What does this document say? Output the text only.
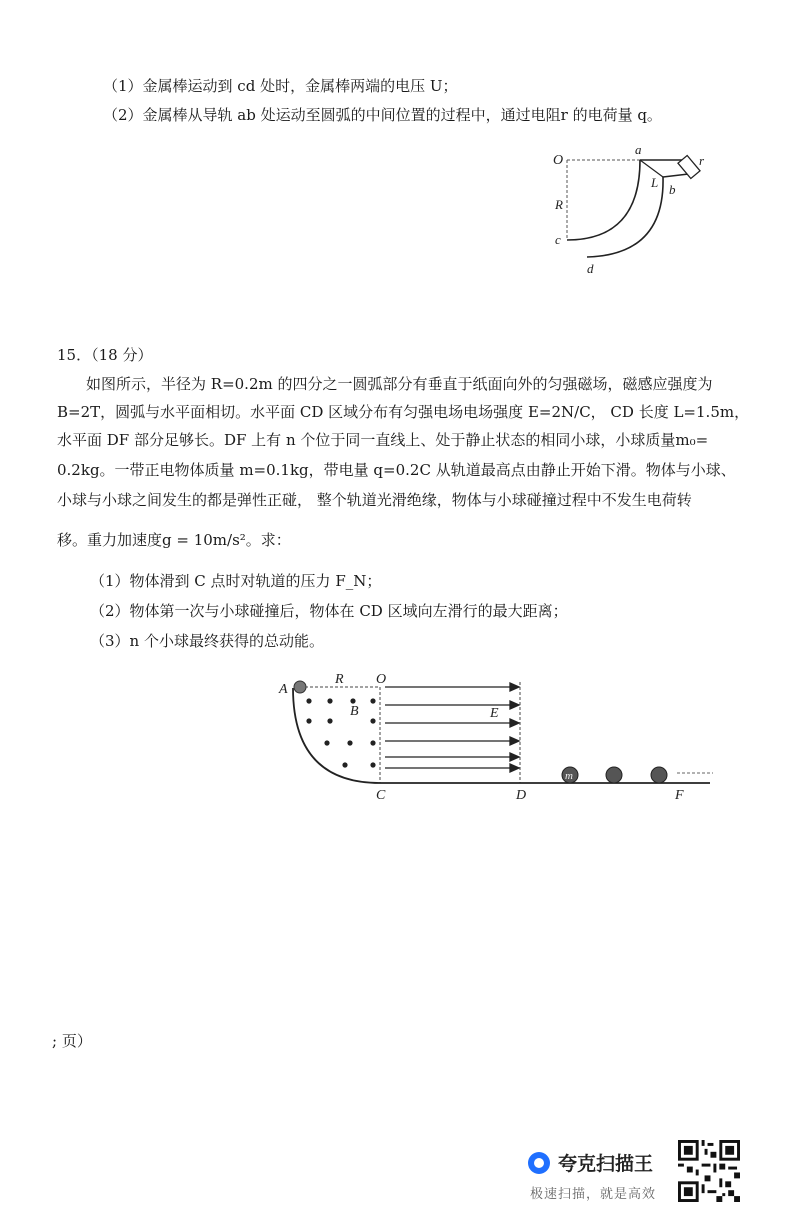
（1）金属棒运动到 cd 处时，金属棒两端的电压 U；
（2）金属棒从导轨 ab 处运动至圆弧的中间位置的过程中，通过电阻r 的电荷量 q。
O
a
r
L b
R
c
d
15．（18 分）
如图所示，半径为 R=0.2m 的四分之一圆弧部分有垂直于纸面向外的匀强磁场，磁感应强度为
B=2T，圆弧与水平面相切。水平面 CD 区域分布有匀强电场电场强度 E=2N/C， CD 长度 L=1.5m，
水平面 DF 部分足够长。DF 上有 n 个位于同一直线上、处于静止状态的相同小球，小球质量m₀=
0.2kg。一带正电物体质量 m=0.1kg，带电量 q=0.2C 从轨道最高点由静止开始下滑。物体与小球、
小球与小球之间发生的都是弹性正碰， 整个轨道光滑绝缘，物体与小球碰撞过程中不发生电荷转
移。重力加速度g = 10m/s²。求：
（1）物体滑到 C 点时对轨道的压力 F_N；
（2）物体第一次与小球碰撞后，物体在 CD 区域向左滑行的最大距离；
（3）n 个小球最终获得的总动能。
A
R O
B	E
C	D
m
F
; 页）
夸克扫描王
极速扫描，就是高效
